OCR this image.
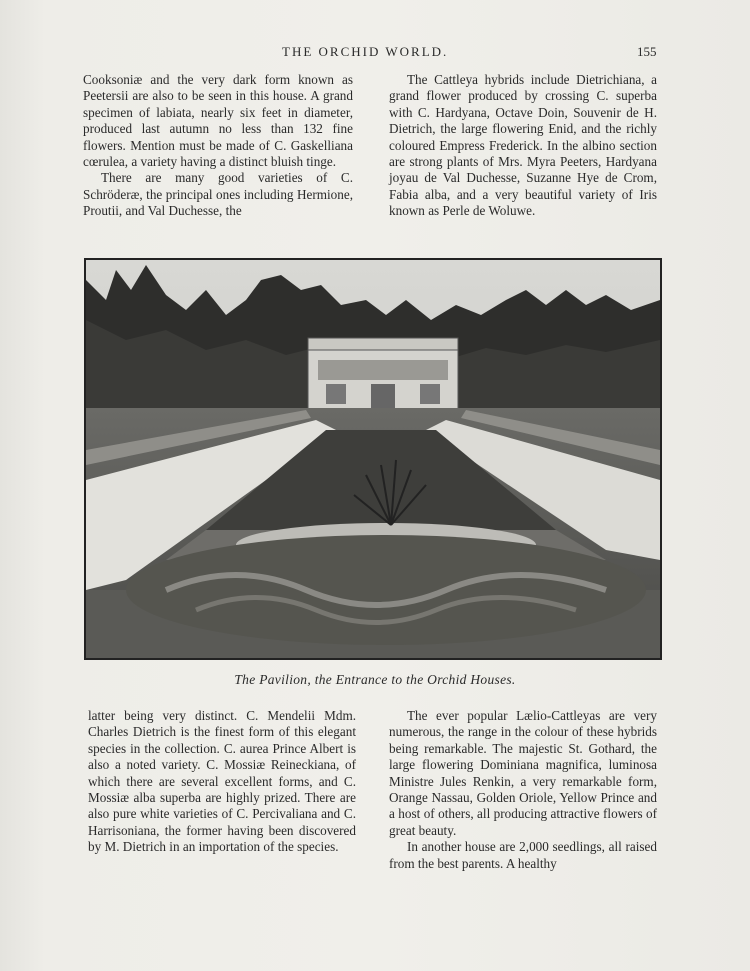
THE ORCHID WORLD.	155

Cooksoniæ and the very dark form known as Peetersii are also to be seen in this house. A grand specimen of labiata, nearly six feet in diameter, produced last autumn no less than 132 fine flowers. Mention must be made of C. Gaskelliana cœrulea, a variety having a distinct bluish tinge.

There are many good varieties of C. Schröderæ, the principal ones including Hermione, Proutii, and Val Duchesse, the

The Cattleya hybrids include Dietrichiana, a grand flower produced by crossing C. superba with C. Hardyana, Octave Doin, Souvenir de H. Dietrich, the large flowering Enid, and the richly coloured Empress Frederick. In the albino section are strong plants of Mrs. Myra Peeters, Hardyana joyau de Val Duchesse, Suzanne Hye de Crom, Fabia alba, and a very beautiful variety of Iris known as Perle de Woluwe.

The Pavilion, the Entrance to the Orchid Houses.

latter being very distinct. C. Mendelii Mdm. Charles Dietrich is the finest form of this elegant species in the collection. C. aurea Prince Albert is also a noted variety. C. Mossiæ Reineckiana, of which there are several excellent forms, and C. Mossiæ alba superba are highly prized. There are also pure white varieties of C. Percivaliana and C. Harrisoniana, the former having been discovered by M. Dietrich in an importation of the species.

The ever popular Lælio-Cattleyas are very numerous, the range in the colour of these hybrids being remarkable. The majestic St. Gothard, the large flowering Dominiana magnifica, luminosa Ministre Jules Renkin, a very remarkable form, Orange Nassau, Golden Oriole, Yellow Prince and a host of others, all producing attractive flowers of great beauty.

In another house are 2,000 seedlings, all raised from the best parents. A healthy
